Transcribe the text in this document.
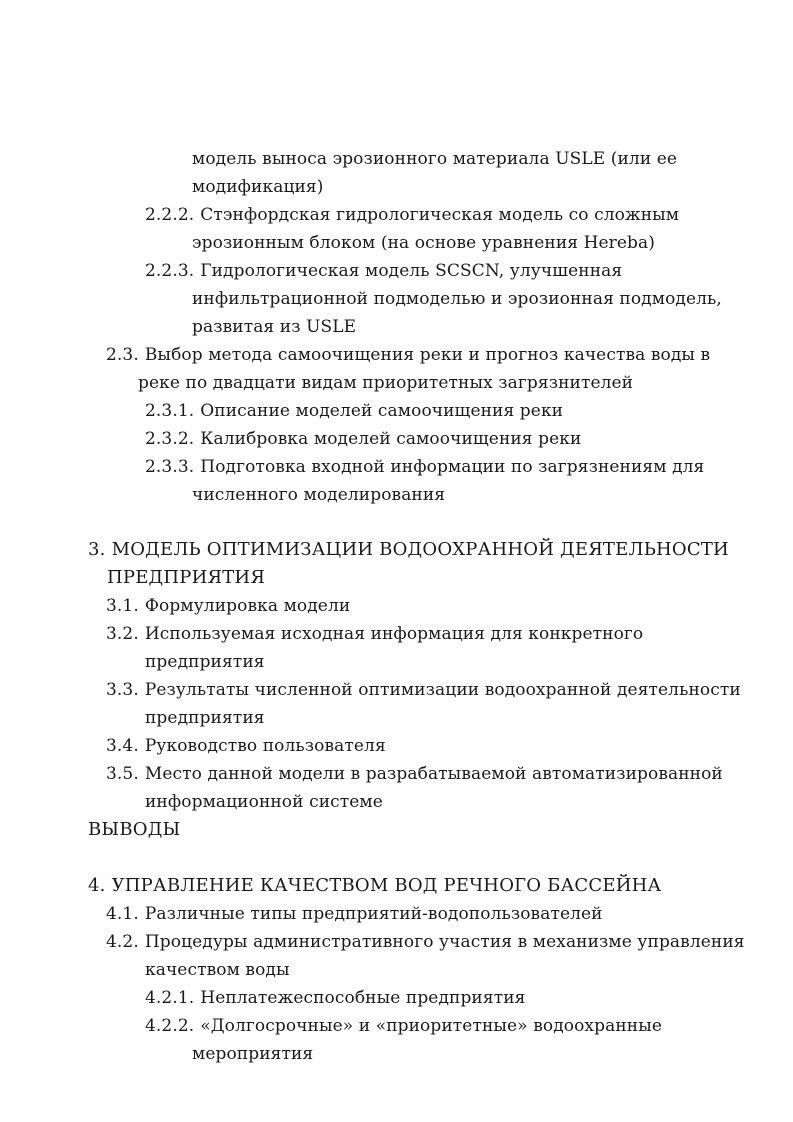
модель выноса эрозионного материала USLE (или ее
модификация)
2.2.2. Стэнфордская гидрологическая модель со сложным
эрозионным блоком (на основе уравнения Hereba)
2.2.3. Гидрологическая модель SCSCN, улучшенная
инфильтрационной подмоделью и эрозионная подмодель,
развитая из USLE
2.3. Выбор метода самоочищения реки и прогноз качества воды в
реке по двадцати видам приоритетных загрязнителей
2.3.1. Описание моделей самоочищения реки
2.3.2. Калибровка моделей самоочищения реки
2.3.3. Подготовка входной информации по загрязнениям для
численного моделирования
3. МОДЕЛЬ ОПТИМИЗАЦИИ ВОДООХРАННОЙ ДЕЯТЕЛЬНОСТИ
ПРЕДПРИЯТИЯ
3.1. Формулировка модели
3.2. Используемая исходная информация для конкретного
предприятия
3.3. Результаты численной оптимизации водоохранной деятельности
предприятия
3.4. Руководство пользователя
3.5. Место данной модели в разрабатываемой автоматизированной
информационной системе
ВЫВОДЫ
4. УПРАВЛЕНИЕ КАЧЕСТВОМ ВОД РЕЧНОГО БАССЕЙНА
4.1. Различные типы предприятий-водопользователей
4.2. Процедуры административного участия в механизме управления
качеством воды
4.2.1. Неплатежеспособные предприятия
4.2.2. «Долгосрочные» и «приоритетные» водоохранные
мероприятия
